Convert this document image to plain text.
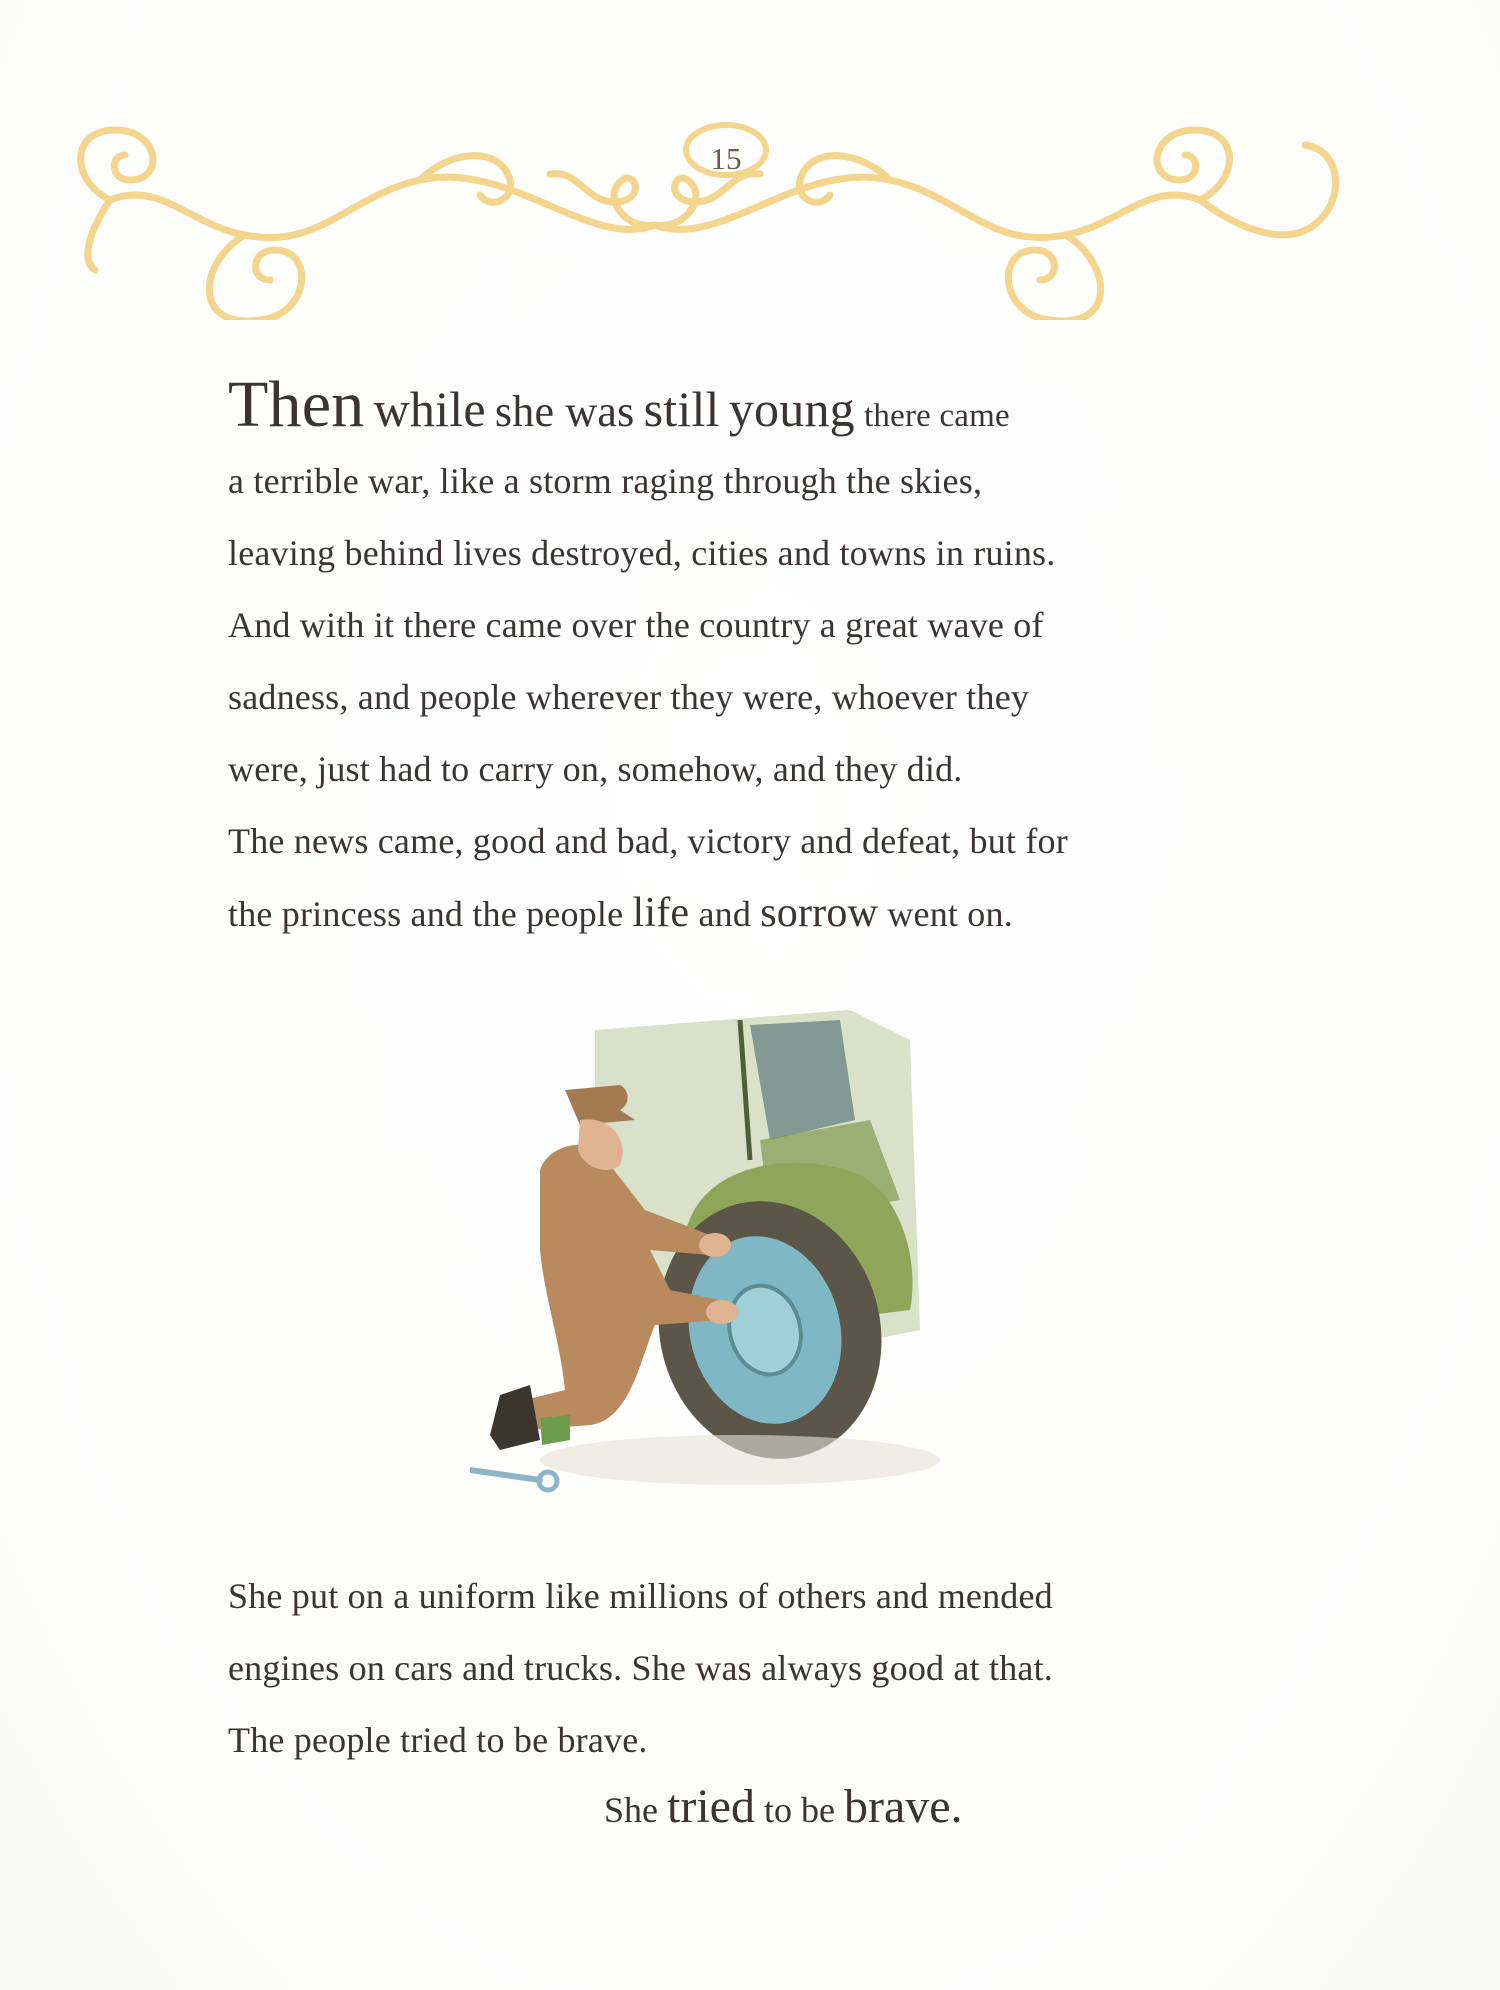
15
Then while she was still young there came
a terrible war, like a storm raging through the skies,
leaving behind lives destroyed, cities and towns in ruins.
And with it there came over the country a great wave of
sadness, and people wherever they were, whoever they
were, just had to carry on, somehow, and they did.
The news came, good and bad, victory and defeat, but for
the princess and the people life and sorrow went on.
She put on a uniform like millions of others and mended
engines on cars and trucks. She was always good at that.
The people tried to be brave.
She tried to be brave.
